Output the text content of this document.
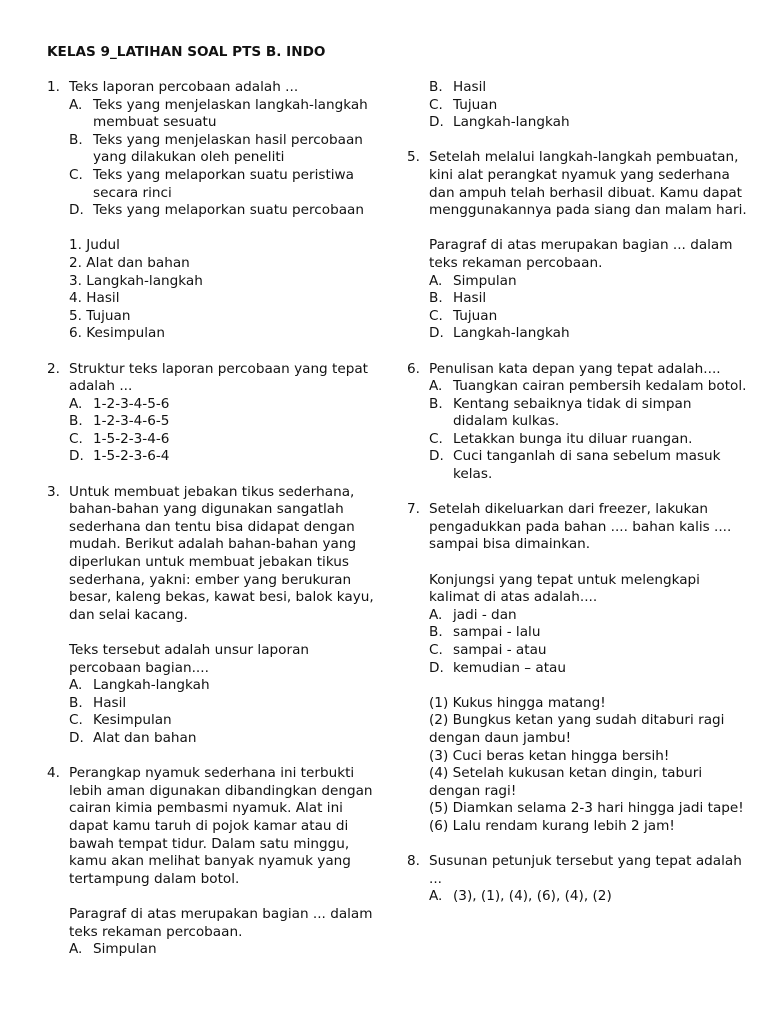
KELAS 9_LATIHAN SOAL PTS B. INDO
1. Teks laporan percobaan adalah ...
A. Teks yang menjelaskan langkah-langkah membuat sesuatu
B. Teks yang menjelaskan hasil percobaan yang dilakukan oleh peneliti
C. Teks yang melaporkan suatu peristiwa secara rinci
D. Teks yang melaporkan suatu percobaan
1. Judul
2. Alat dan bahan
3. Langkah-langkah
4. Hasil
5. Tujuan
6. Kesimpulan
2. Struktur teks laporan percobaan yang tepat adalah ...
A. 1-2-3-4-5-6
B. 1-2-3-4-6-5
C. 1-5-2-3-4-6
D. 1-5-2-3-6-4
3. Untuk membuat jebakan tikus sederhana, bahan-bahan yang digunakan sangatlah sederhana dan tentu bisa didapat dengan mudah. Berikut adalah bahan-bahan yang diperlukan untuk membuat jebakan tikus sederhana, yakni: ember yang berukuran besar, kaleng bekas, kawat besi, balok kayu, dan selai kacang.
Teks tersebut adalah unsur laporan percobaan bagian....
A. Langkah-langkah
B. Hasil
C. Kesimpulan
D. Alat dan bahan
4. Perangkap nyamuk sederhana ini terbukti lebih aman digunakan dibandingkan dengan cairan kimia pembasmi nyamuk. Alat ini dapat kamu taruh di pojok kamar atau di bawah tempat tidur. Dalam satu minggu, kamu akan melihat banyak nyamuk yang tertampung dalam botol.
Paragraf di atas merupakan bagian ... dalam teks rekaman percobaan.
A. Simpulan
B. Hasil
C. Tujuan
D. Langkah-langkah
5. Setelah melalui langkah-langkah pembuatan, kini alat perangkat nyamuk yang sederhana dan ampuh telah berhasil dibuat. Kamu dapat menggunakannya pada siang dan malam hari.
Paragraf di atas merupakan bagian ... dalam teks rekaman percobaan.
A. Simpulan
B. Hasil
C. Tujuan
D. Langkah-langkah
6. Penulisan kata depan yang tepat adalah....
A. Tuangkan cairan pembersih kedalam botol.
B. Kentang sebaiknya tidak di simpan didalam kulkas.
C. Letakkan bunga itu diluar ruangan.
D. Cuci tanganlah di sana sebelum masuk kelas.
7. Setelah dikeluarkan dari freezer, lakukan pengadukkan pada bahan .... bahan kalis .... sampai bisa dimainkan.
Konjungsi yang tepat untuk melengkapi kalimat di atas adalah....
A. jadi - dan
B. sampai - lalu
C. sampai - atau
D. kemudian – atau
(1) Kukus hingga matang!
(2) Bungkus ketan yang sudah ditaburi ragi dengan daun jambu!
(3) Cuci beras ketan hingga bersih!
(4) Setelah kukusan ketan dingin, taburi dengan ragi!
(5) Diamkan selama 2-3 hari hingga jadi tape!
(6) Lalu rendam kurang lebih 2 jam!
8. Susunan petunjuk tersebut yang tepat adalah ...
A. (3), (1), (4), (6), (4), (2)
